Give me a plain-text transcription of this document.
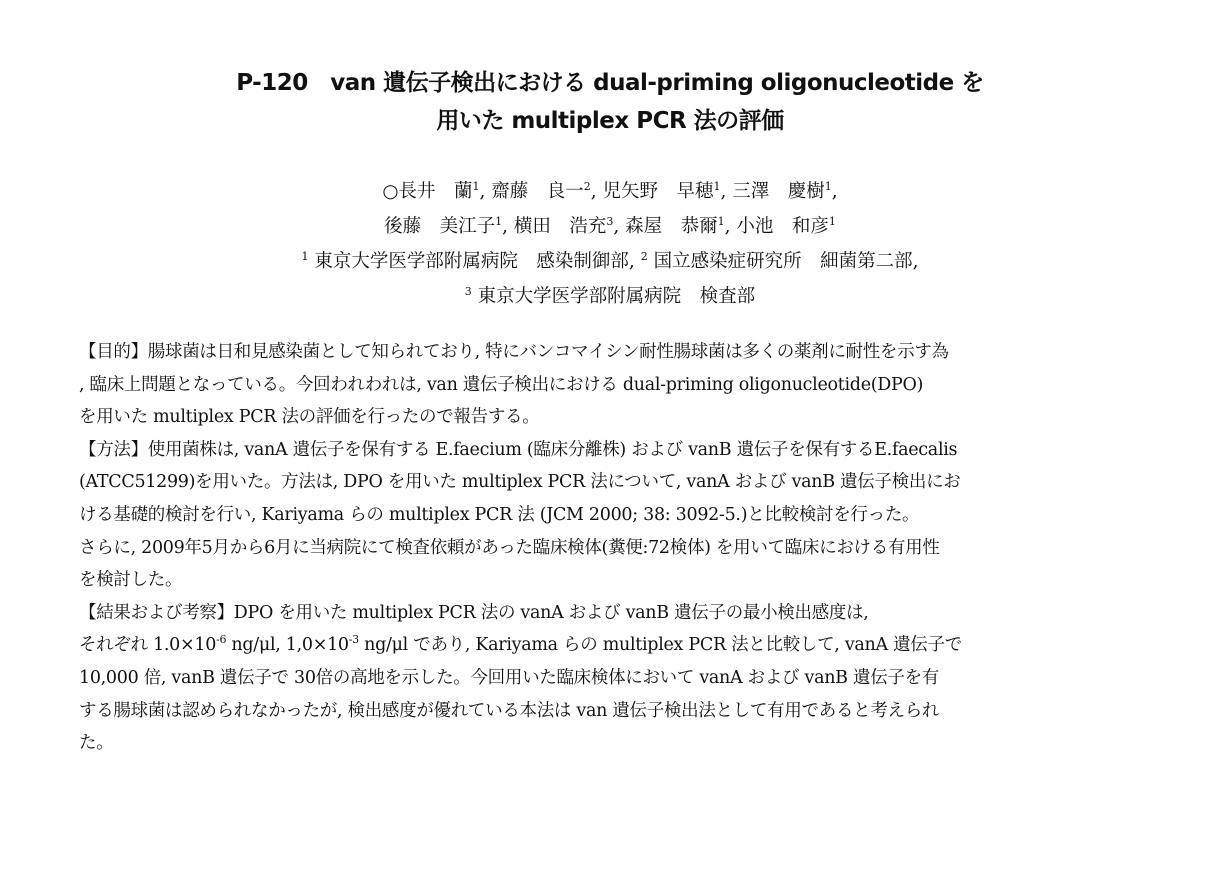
P-120　van 遺伝子検出における dual-priming oligonucleotide を
用いた multiplex PCR 法の評価
○長井　蘭$^1$, 齋藤　良一$^2$, 児矢野　早穂$^1$, 三澤　慶樹$^1$,
後藤　美江子$^1$, 横田　浩充$^3$, 森屋　恭爾$^1$, 小池　和彦$^1$
$^1$ 東京大学医学部附属病院　感染制御部, $^2$ 国立感染症研究所　細菌第二部,
$^3$ 東京大学医学部附属病院　検査部
【目的】腸球菌は日和見感染菌として知られており, 特にバンコマイシン耐性腸球菌は多くの薬剤に耐性を示す為
, 臨床上問題となっている。今回われわれは, van 遺伝子検出における dual-priming oligonucleotide(DPO)
を用いた multiplex PCR 法の評価を行ったので報告する。
【方法】使用菌株は, vanA 遺伝子を保有する E.faecium (臨床分離株) および vanB 遺伝子を保有するE.faecalis
(ATCC51299)を用いた。方法は, DPO を用いた multiplex PCR 法について, vanA および vanB 遺伝子検出にお
ける基礎的検討を行い, Kariyama らの multiplex PCR 法 (JCM 2000; 38: 3092-5.)と比較検討を行った。
さらに, 2009年5月から6月に当病院にて検査依頼があった臨床検体(糞便:72検体) を用いて臨床における有用性
を検討した。
【結果および考察】DPO を用いた multiplex PCR 法の vanA および vanB 遺伝子の最小検出感度は,
それぞれ $1.0\times 10^{-6}$ ng/μl, $1,0\times 10^{-3}$ ng/μl であり, Kariyama らの multiplex PCR 法と比較して, vanA 遺伝子で
10,000 倍, vanB 遺伝子で 30倍の高地を示した。今回用いた臨床検体において vanA および vanB 遺伝子を有
する腸球菌は認められなかったが, 検出感度が優れている本法は van 遺伝子検出法として有用であると考えられ
た。
